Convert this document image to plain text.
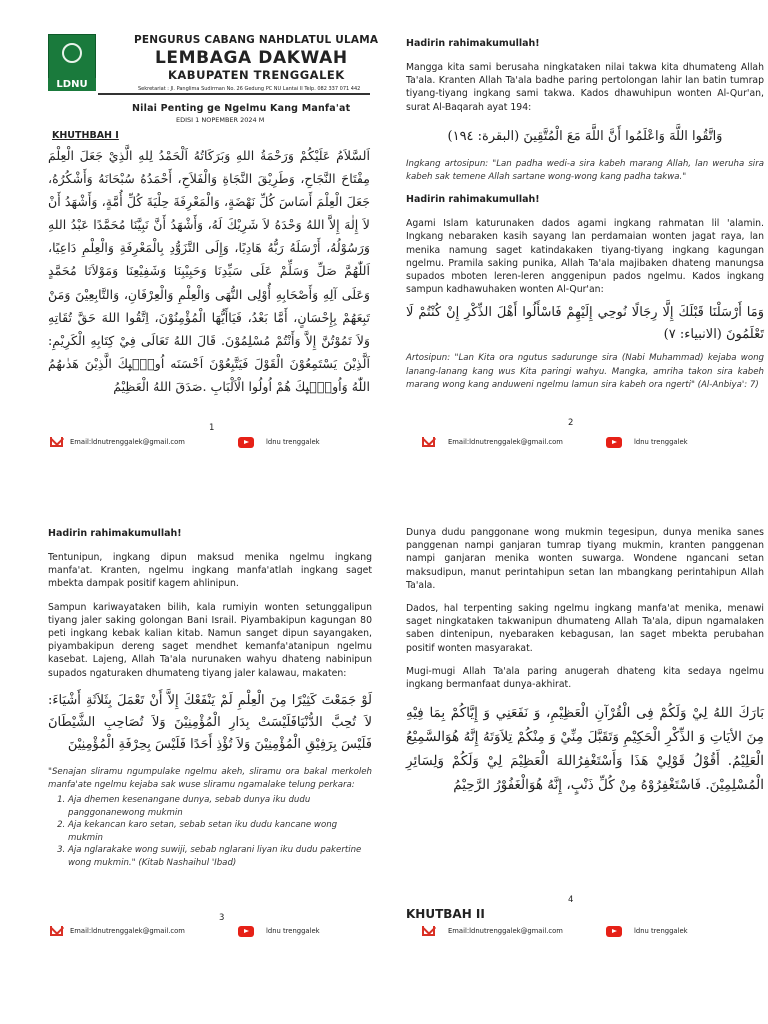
LDNU
PENGURUS CABANG NAHDLATUL ULAMA
LEMBAGA DAKWAH
KABUPATEN TRENGGALEK
Sekretariat : Jl. Panglima Sudirman No. 26 Gedung PC NU Lantai II Telp. 082 337 071 442
Nilai Penting ge Ngelmu Kang Manfa'at
EDISI 1 NOPEMBER 2024 M
KHUTHBAH I
اَلسَّلاَمُ عَلَيْكُمْ وَرَحْمَةُ اللهِ وَبَرَكَاتُهُ اَلْحَمْدُ لِلهِ الَّذِيْ جَعَلَ الْعِلْمَ مِفْتَاحَ النَّجَاحِ، وَطَرِيْقَ النَّجَاةِ وَالْفَلاَحِ، أَحْمَدُهُ سُبْحَانَهُ وَأَشْكُرُهُ، جَعَلَ الْعِلْمَ أَسَاسَ كُلِّ نَهْضَةٍ، وَالْمَعْرِفَةَ حِلْيَةَ كُلِّ أُمَّةٍ، وَأَشْهَدُ أَنْ لاَ إِلٰهَ إِلاَّ اللهُ وَحْدَهُ لاَ شَرِيْكَ لَهُ، وَأَشْهَدُ أَنَّ نَبِيَّنَا مُحَمَّدًا عَبْدُ اللهِ وَرَسُوْلُهُ، أَرْسَلَهُ رَبُّهُ هَادِيًا، وَإِلَى التَّزَوُّدِ بِالْمَعْرِفَةِ وَالْعِلْمِ دَاعِيًا، اَللّٰهُمَّ صَلِّ وَسَلِّمْ عَلَى سَيِّدِنَا وَحَبِيْبِنَا وَشَفِيْعِنَا وَمَوْلاَنَا مُحَمَّدٍ وَعَلَى آلِهِ وَأَصْحَابِهِ أُوْلِى النُّهَى وَالْعِلْمِ وَالْعِرْفَانِ، وَالتَّابِعِيْنَ وَمَنْ تَبِعَهُمْ بِإِحْسَانٍ، أَمَّا بَعْدُ، فَيَاأَيُّهَا الْمُؤْمِنُوْنَ، اِتَّقُوا اللهَ حَقَّ تُقَاتِهِ وَلاَ تَمُوْتُنَّ إِلاَّ وَأَنْتُمْ مُسْلِمُوْنَ. قَالَ اللهُ تَعَالَى فِيْ كِتَابِهِ الْكَرِيْمِ: اَلَّذِيْنَ يَسْتَمِعُوْنَ الْقَوْلَ فَيَتَّبِعُوْنَ اَحْسَنَه اُولٰۤىِٕكَ الَّذِيْنَ هَدٰىهُمُ اللّٰهُ وَاُولٰۤىِٕكَ هُمْ اُولُوا الْاَلْبَابِ .صَدَقَ اللهُ الْعَظِيْمُ
1
Email:ldnutrenggalek@gmail.com	ldnu trenggalek
Hadirin rahimakumullah!

Mangga kita sami berusaha ningkataken nilai takwa kita dhumateng Allah Ta'ala. Kranten Allah Ta'ala badhe paring pertolongan lahir lan batin tumrap tiyang-tiyang ingkang sami takwa. Kados dhawuhipun wonten Al-Qur'an, surat Al-Baqarah ayat 194:

وَاتَّقُوا اللَّهَ وَاعْلَمُوا أَنَّ اللَّهَ مَعَ الْمُتَّقِينَ (البقرة: ١٩٤)

Ingkang artosipun: "Lan padha wedi-a sira kabeh marang Allah, lan weruha sira kabeh sak temene Allah sartane wong-wong kang padha takwa."

Hadirin rahimakumullah!

Agami Islam katurunaken dados agami ingkang rahmatan lil 'alamin. Ingkang nebaraken kasih sayang lan perdamaian wonten jagat raya, lan menika namung saget katindakaken tiyang-tiyang ingkang kagungan ngelmu. Pramila saking punika, Allah Ta'ala majibaken dhateng manungsa supados mboten leren-leren anggenipun pados ngelmu. Kados ingkang sampun kadhawuhaken wonten Al-Qur'an:

وَمَا أَرْسَلْنَا قَبْلَكَ إِلَّا رِجَالًا نُوحِي إِلَيْهِمْ فَاسْأَلُوا أَهْلَ الذِّكْرِ إِنْ كُنْتُمْ لَا تَعْلَمُونَ (الانبياء: ٧)

Artosipun: "Lan Kita ora ngutus sadurunge sira (Nabi Muhammad) kejaba wong lanang-lanang kang wus Kita paringi wahyu. Mangka, amriha takon sira kabeh marang wong kang anduweni ngelmu lamun sira kabeh ora ngerti" (Al-Anbiya': 7)

2
Email:ldnutrenggalek@gmail.com	ldnu trenggalek
Hadirin rahimakumullah!

Tentunipun, ingkang dipun maksud menika ngelmu ingkang manfa'at. Kranten, ngelmu ingkang manfa'atlah ingkang saget mbekta dampak positif kagem ahlinipun.

Sampun kariwayataken bilih, kala rumiyin wonten setunggalipun tiyang jaler saking golongan Bani Israil. Piyambakipun kagungan 80 peti ingkang kebak kalian kitab. Namun sanget dipun sayangaken, piyambakipun dereng saget mendhet kemanfa'atanipun ngelmu kasebat. Lajeng, Allah Ta'ala nurunaken wahyu dhateng nabinipun supados ngaturaken dhumateng tiyang jaler kalawau, makaten:

لَوْ جَمَعْتَ كَثِيْرًا مِنَ الْعِلْمِ لَمْ يَنْفَعْكَ إِلاَّ أَنْ تَعْمَلَ بِثَلاَثَةِ أَشْيَاءَ: لاَ تُحِبَّ الدُّنْيَافَلَيْسَتْ بِدَارِ الْمُؤْمِنِيْنَ وَلاَ تُصَاحِبِ الشَّيْطَانَ فَلَيْسَ بِرَفِيْقِ الْمُؤْمِنِيْنَ وَلاَ تُؤْذِ أَحَدًا فَلَيْسَ بِحِرْفَةِ الْمُؤْمِنِيْنَ

"Senajan sliramu ngumpulake ngelmu akeh, sliramu ora bakal merkoleh manfa'ate ngelmu kejaba sak wuse sliramu ngamalake telung perkara:

1. Aja dhemen kesenangane dunya, sebab dunya iku dudu panggonanewong mukmin
2. Aja kekancan karo setan, sebab setan iku dudu kancane wong mukmin
3. Aja nglarakake wong suwiji, sebab nglarani liyan iku dudu pakertine wong mukmin." (Kitab Nashaihul 'Ibad)
3
Email:ldnutrenggalek@gmail.com	ldnu trenggalek

Dunya dudu panggonane wong mukmin tegesipun, dunya menika sanes panggenan nampi ganjaran tumrap tiyang mukmin, kranten panggenan nampi ganjaran menika wonten suwarga. Wondene ngancani setan maksudipun, manut perintahipun setan lan mbangkang perintahipun Allah Ta'ala.

Dados, hal terpenting saking ngelmu ingkang manfa'at menika, menawi saget ningkataken takwanipun dhumateng Allah Ta'ala, dipun ngamalaken saben dintenipun, nyebaraken kebagusan, lan saget mbekta perubahan positif wonten masyarakat.

Mugi-mugi Allah Ta'ala paring anugerah dhateng kita sedaya ngelmu ingkang bermanfaat dunya-akhirat.

بَارَكَ اللهُ لِيْ وَلَكُمْ فِى الْقُرْآنِ الْعَظِيْمِ، وَ نَفَعَنِي وَ إِيَّاكُمْ بِمَا فِيْهِ مِنَ الأيَاتِ وَ الذِّكْرِ الْحَكِيْمِ وَتَقَبَّلَ مِنِّيْ وَ مِنْكُمْ تِلاَوَتَهُ إِنَّهُ هُوَالسَّمِيْعُ الْعَلِيْمُ. أَقُوْلُ قَوْلِيْ هَذَا وَأَسْتَغْفِرُاللهَ الْعَظِيْمَ لِيْ وَلَكُمْ وَلِسَائِرِ الْمُسْلِمِيْنَ. فَاسْتَغْفِرُوْهُ مِنْ كُلِّ ذَنْبٍ، إِنَّهُ هُوَالْغَفُوْرُ الرَّحِيْمُ

4
KHUTBAH II
Email:ldnutrenggalek@gmail.com	ldnu trenggalek
